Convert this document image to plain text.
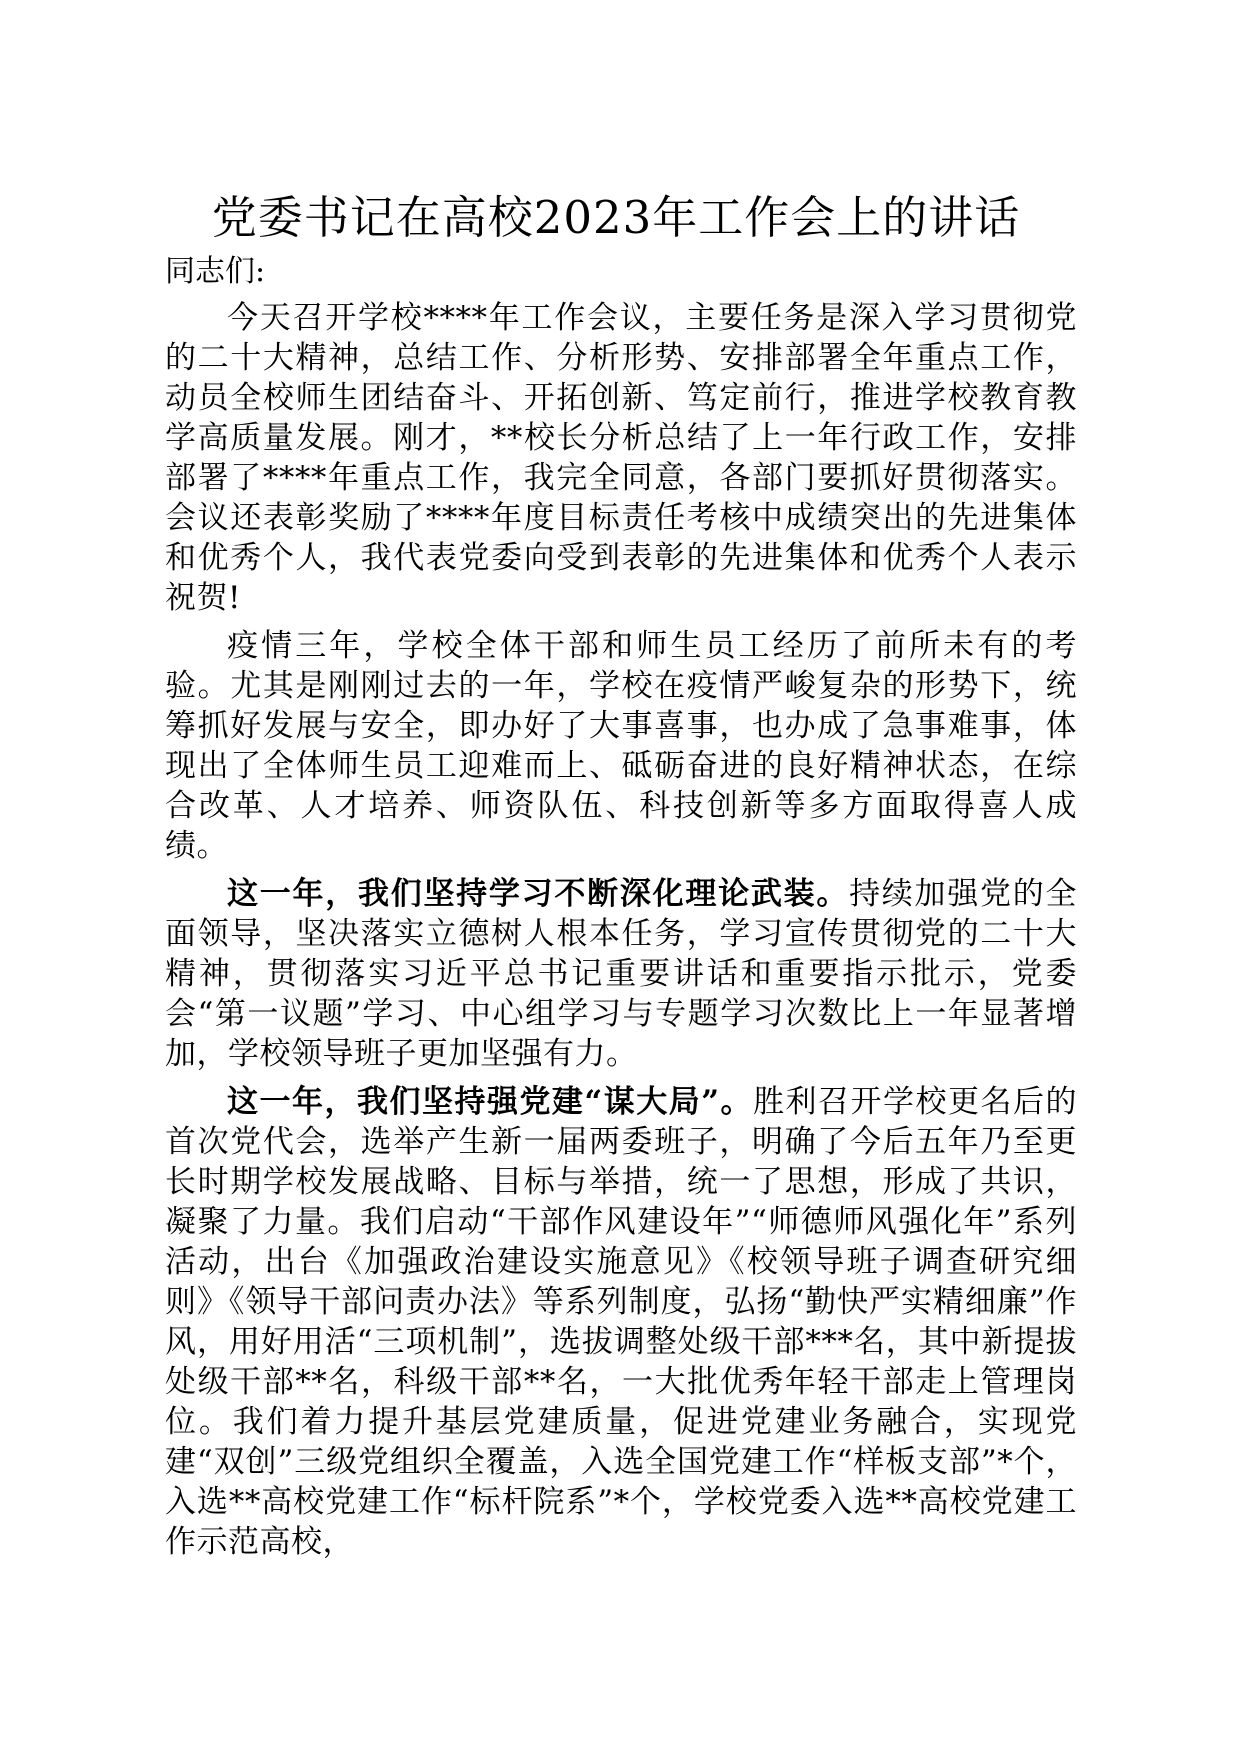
党委书记在高校2023年工作会上的讲话
同志们:

今天召开学校****年工作会议，主要任务是深入学习贯彻党的二十大精神，总结工作、分析形势、安排部署全年重点工作，动员全校师生团结奋斗、开拓创新、笃定前行，推进学校教育教学高质量发展。刚才，**校长分析总结了上一年行政工作，安排部署了****年重点工作，我完全同意，各部门要抓好贯彻落实。会议还表彰奖励了****年度目标责任考核中成绩突出的先进集体和优秀个人，我代表党委向受到表彰的先进集体和优秀个人表示祝贺!

疫情三年，学校全体干部和师生员工经历了前所未有的考验。尤其是刚刚过去的一年，学校在疫情严峻复杂的形势下，统筹抓好发展与安全，即办好了大事喜事，也办成了急事难事，体现出了全体师生员工迎难而上、砥砺奋进的良好精神状态，在综合改革、人才培养、师资队伍、科技创新等多方面取得喜人成绩。

这一年，我们坚持学习不断深化理论武装。持续加强党的全面领导，坚决落实立德树人根本任务，学习宣传贯彻党的二十大精神，贯彻落实习近平总书记重要讲话和重要指示批示，党委会“第一议题”学习、中心组学习与专题学习次数比上一年显著增加，学校领导班子更加坚强有力。

这一年，我们坚持强党建“谋大局”。胜利召开学校更名后的首次党代会，选举产生新一届两委班子，明确了今后五年乃至更长时期学校发展战略、目标与举措，统一了思想，形成了共识，凝聚了力量。我们启动“干部作风建设年”“师德师风强化年”系列活动，出台《加强政治建设实施意见》《校领导班子调查研究细则》《领导干部问责办法》等系列制度，弘扬“勤快严实精细廉”作风，用好用活“三项机制”，选拔调整处级干部***名，其中新提拔处级干部**名，科级干部**名，一大批优秀年轻干部走上管理岗位。我们着力提升基层党建质量，促进党建业务融合，实现党建“双创”三级党组织全覆盖，入选全国党建工作“样板支部”*个，入选**高校党建工作“标杆院系”*个，学校党委入选**高校党建工作示范高校，
